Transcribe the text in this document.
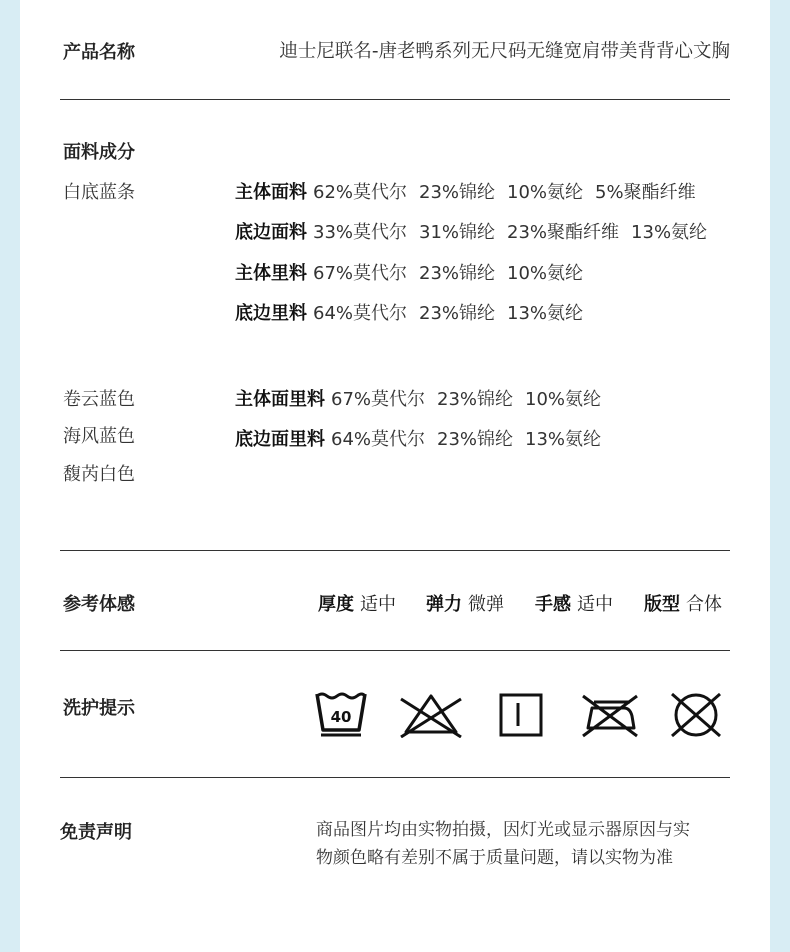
产品名称	迪士尼联名-唐老鸭系列无尺码无缝宽肩带美背背心文胸
面料成分
白底蓝条	主体面料 62%莫代尔 23%锦纶 10%氨纶 5%聚酯纤维
底边面料 33%莫代尔 31%锦纶 23%聚酯纤维 13%氨纶
主体里料 67%莫代尔 23%锦纶 10%氨纶
底边里料 64%莫代尔 23%锦纶 13%氨纶
卷云蓝色
海风蓝色
馥芮白色
主体面里料 67%莫代尔 23%锦纶 10%氨纶
底边面里料 64%莫代尔 23%锦纶 13%氨纶
参考体感	厚度 适中 弹力 微弹 手感 适中 版型 合体
洗护提示	40
免责声明	商品图片均由实物拍摄，因灯光或显示器原因与实
物颜色略有差别不属于质量问题，请以实物为准
